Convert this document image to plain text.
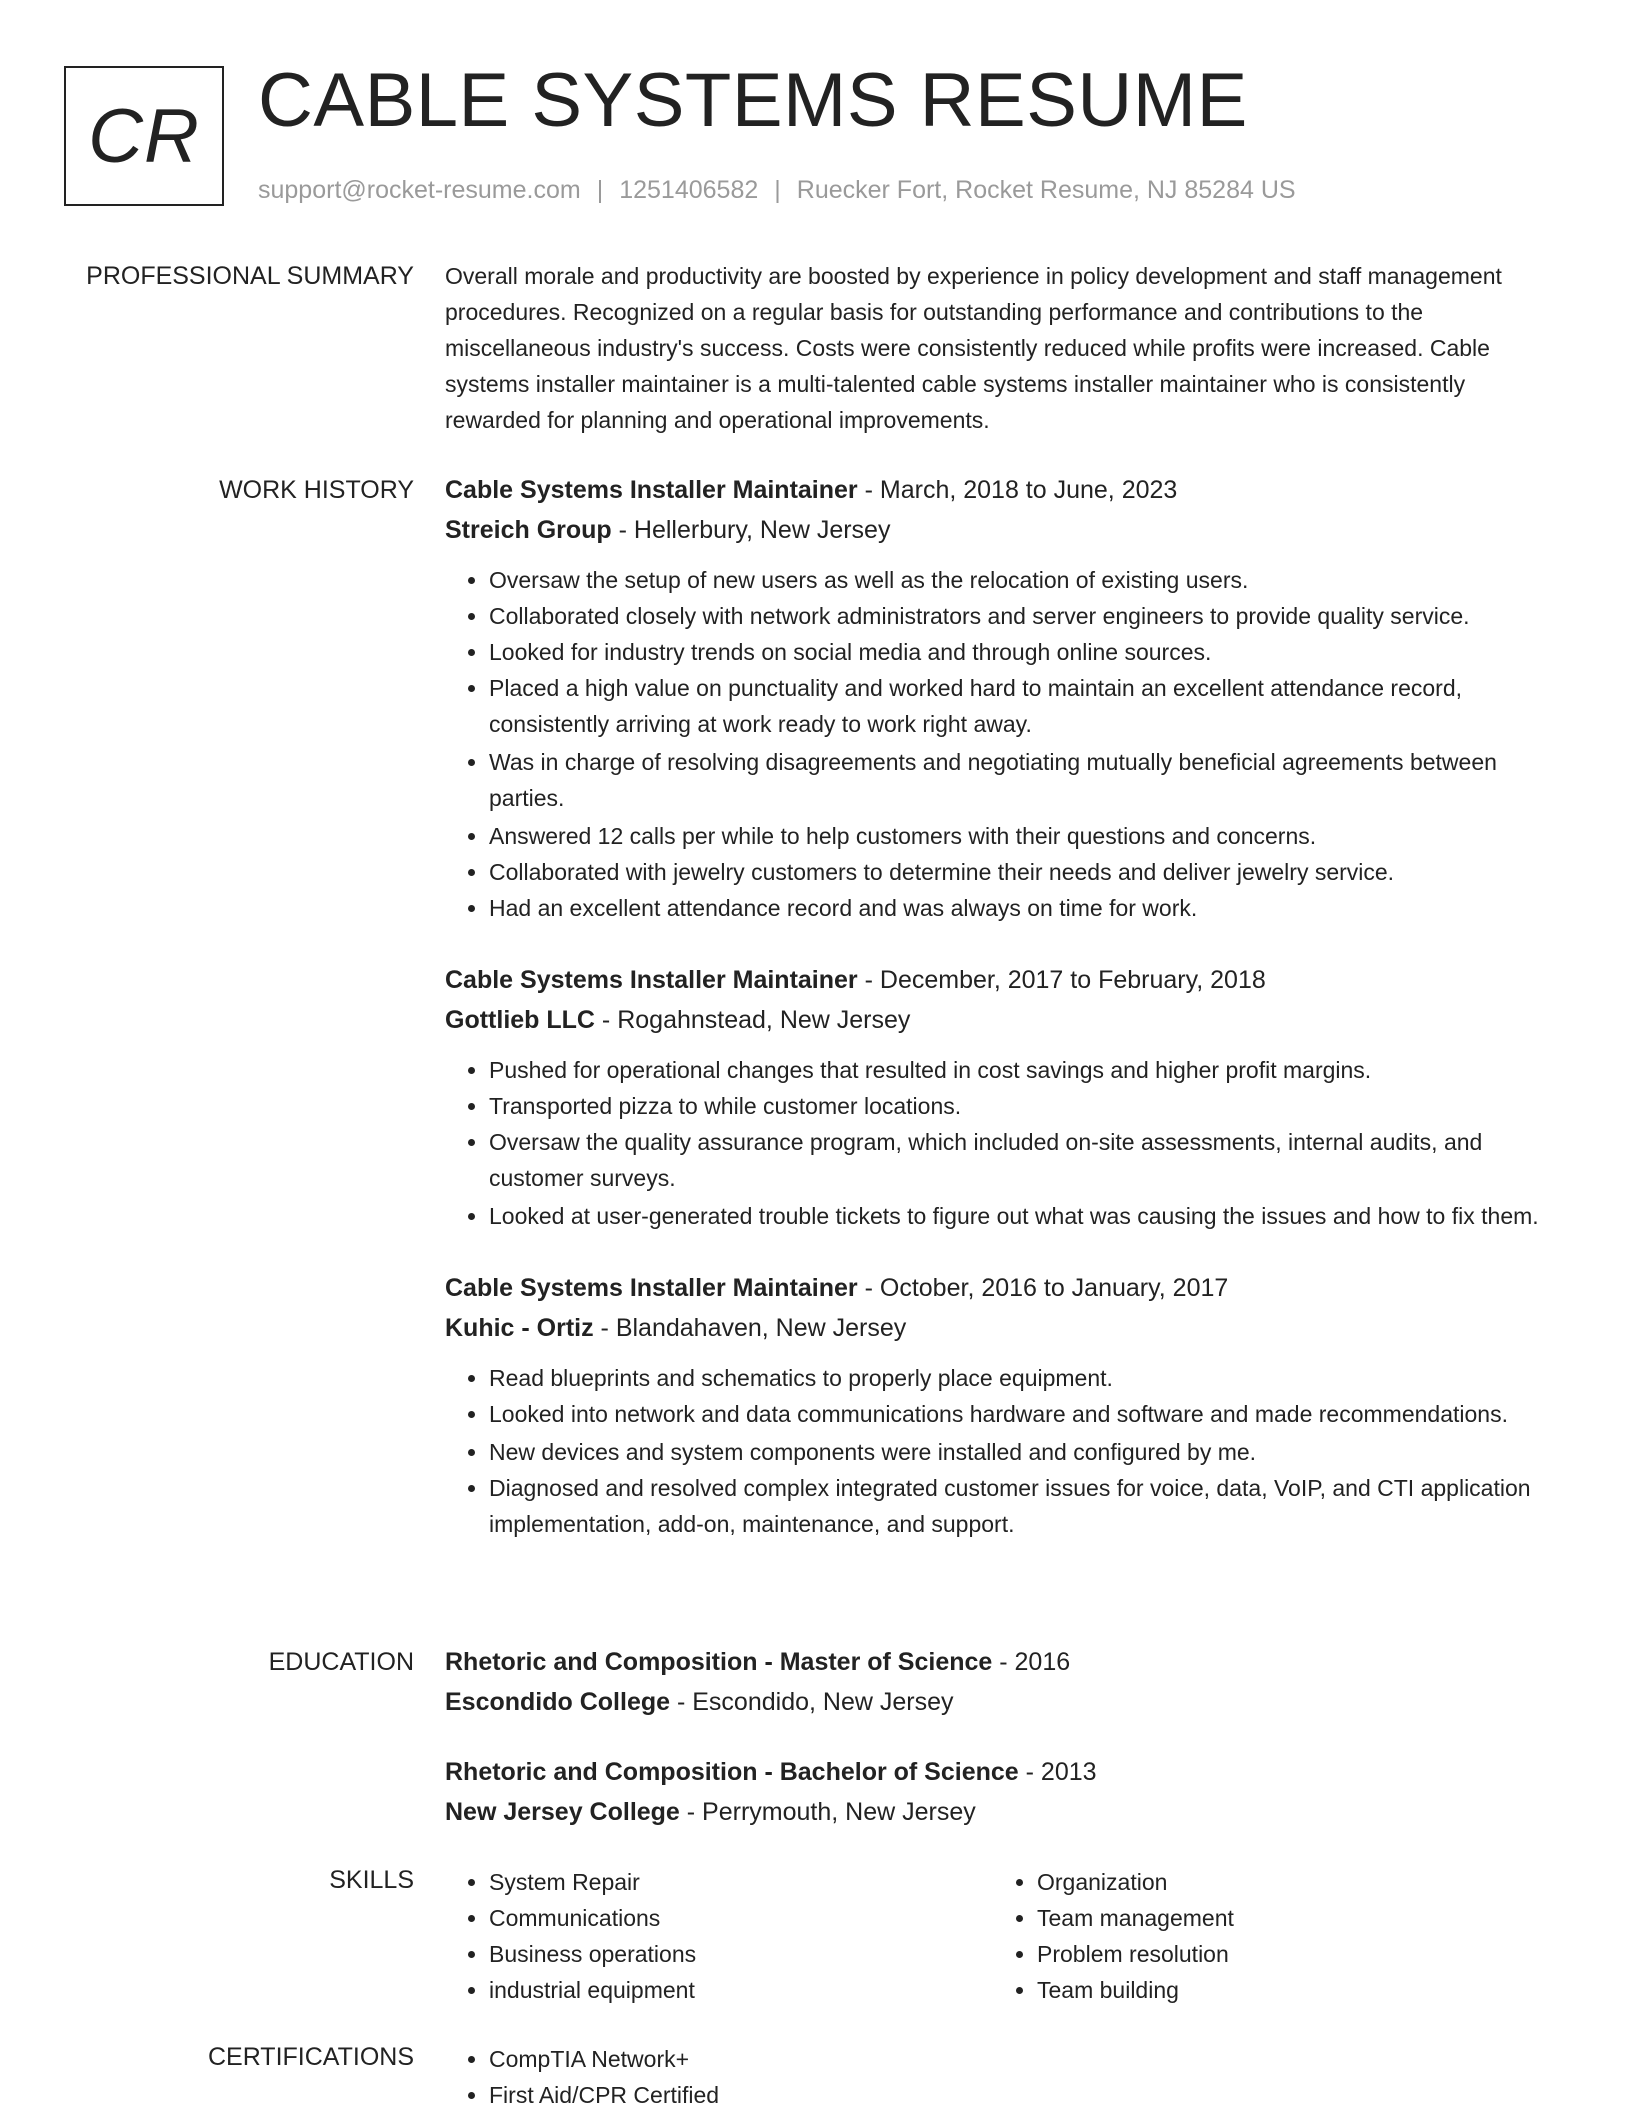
CR CABLE SYSTEMS RESUME
support@rocket-resume.com | 1251406582 | Ruecker Fort, Rocket Resume, NJ 85284 US
PROFESSIONAL SUMMARY Overall morale and productivity are boosted by experience in policy development and staff management procedures. Recognized on a regular basis for outstanding performance and contributions to the miscellaneous industry's success. Costs were consistently reduced while profits were increased. Cable systems installer maintainer is a multi-talented cable systems installer maintainer who is consistently rewarded for planning and operational improvements.

WORK HISTORY Cable Systems Installer Maintainer - March, 2018 to June, 2023
Streich Group - Hellerbury, New Jersey
• Oversaw the setup of new users as well as the relocation of existing users.
• Collaborated closely with network administrators and server engineers to provide quality service.
• Looked for industry trends on social media and through online sources.
• Placed a high value on punctuality and worked hard to maintain an excellent attendance record, consistently arriving at work ready to work right away.
• Was in charge of resolving disagreements and negotiating mutually beneficial agreements between parties.
• Answered 12 calls per while to help customers with their questions and concerns.
• Collaborated with jewelry customers to determine their needs and deliver jewelry service.
• Had an excellent attendance record and was always on time for work.
Cable Systems Installer Maintainer - December, 2017 to February, 2018
Gottlieb LLC - Rogahnstead, New Jersey
• Pushed for operational changes that resulted in cost savings and higher profit margins.
• Transported pizza to while customer locations.
• Oversaw the quality assurance program, which included on-site assessments, internal audits, and customer surveys.
• Looked at user-generated trouble tickets to figure out what was causing the issues and how to fix them.
Cable Systems Installer Maintainer - October, 2016 to January, 2017
Kuhic - Ortiz - Blandahaven, New Jersey
• Read blueprints and schematics to properly place equipment.
• Looked into network and data communications hardware and software and made recommendations.
• New devices and system components were installed and configured by me.
• Diagnosed and resolved complex integrated customer issues for voice, data, VoIP, and CTI application implementation, add-on, maintenance, and support.
EDUCATION Rhetoric and Composition - Master of Science - 2016
Escondido College - Escondido, New Jersey
Rhetoric and Composition - Bachelor of Science - 2013
New Jersey College - Perrymouth, New Jersey
SKILLS	• System Repair
• Communications
• Business operations
• industrial equipment
• Organization
• Team management
• Problem resolution
• Team building
CERTIFICATIONS	• CompTIA Network+
• First Aid/CPR Certified
